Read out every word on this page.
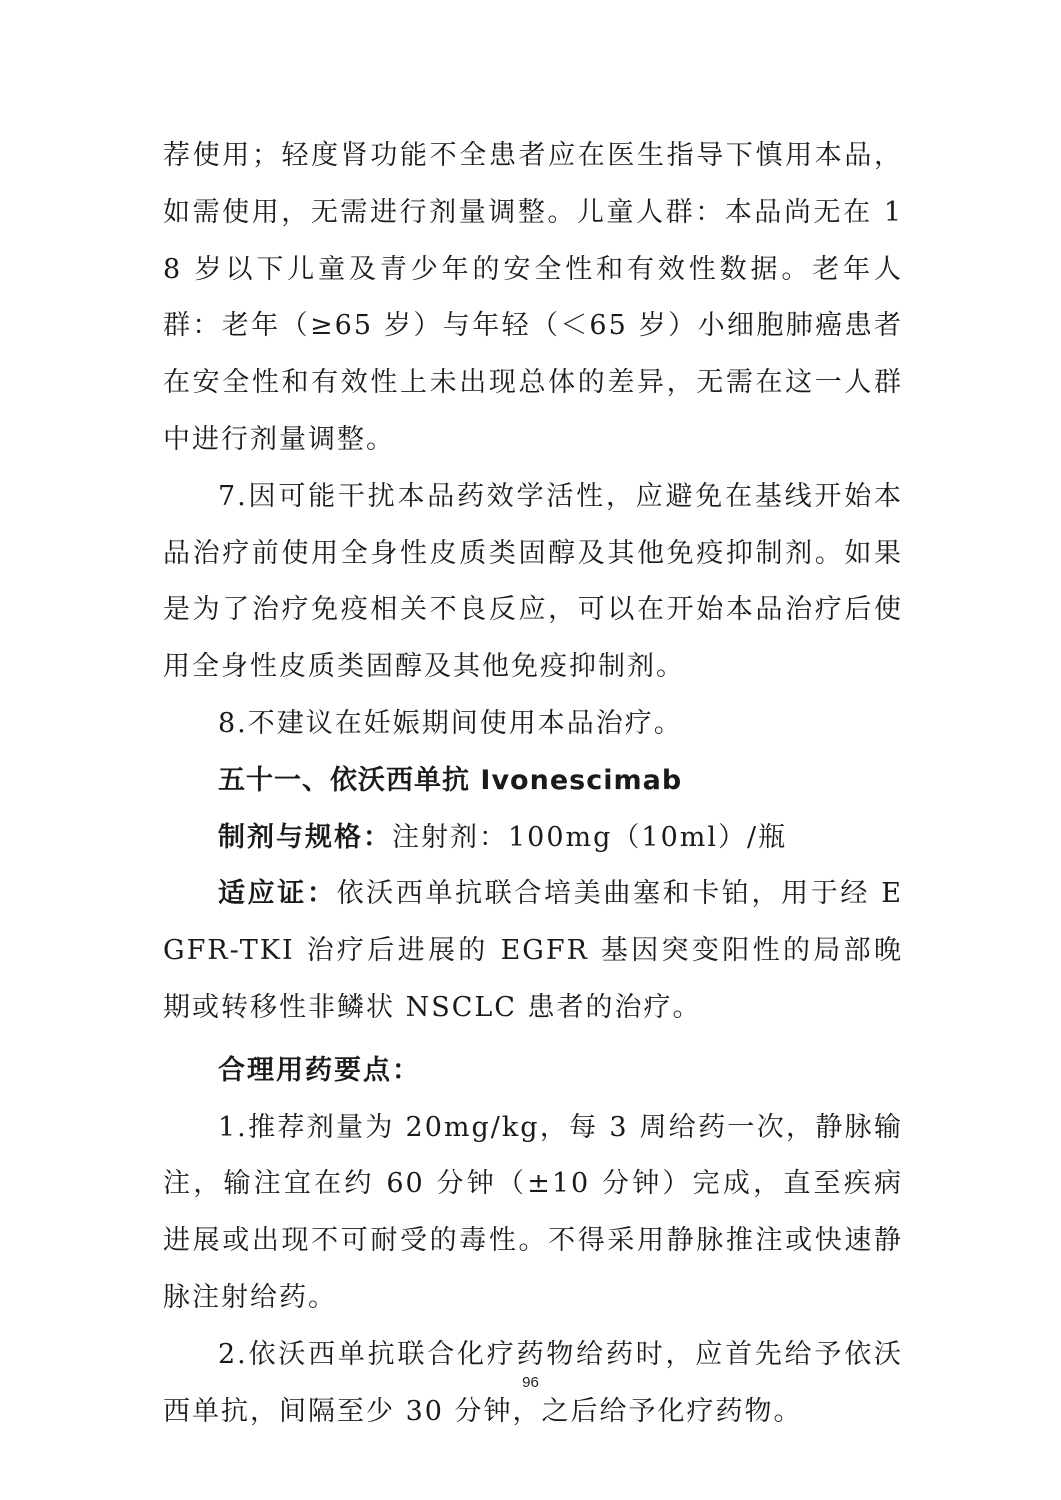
荐使用；轻度肾功能不全患者应在医生指导下慎用本品，如需使用，无需进行剂量调整。儿童人群：本品尚无在 18 岁以下儿童及青少年的安全性和有效性数据。老年人群：老年（≥65 岁）与年轻（＜65 岁）小细胞肺癌患者在安全性和有效性上未出现总体的差异，无需在这一人群中进行剂量调整。

7.因可能干扰本品药效学活性，应避免在基线开始本品治疗前使用全身性皮质类固醇及其他免疫抑制剂。如果是为了治疗免疫相关不良反应，可以在开始本品治疗后使用全身性皮质类固醇及其他免疫抑制剂。

8.不建议在妊娠期间使用本品治疗。

五十一、依沃西单抗 Ivonescimab

制剂与规格：注射剂：100mg（10ml）/瓶

适应证：依沃西单抗联合培美曲塞和卡铂，用于经 EGFR-TKI 治疗后进展的 EGFR 基因突变阳性的局部晚期或转移性非鳞状 NSCLC 患者的治疗。

合理用药要点：

1.推荐剂量为 20mg/kg，每 3 周给药一次，静脉输注，输注宜在约 60 分钟（±10 分钟）完成，直至疾病进展或出现不可耐受的毒性。不得采用静脉推注或快速静脉注射给药。

2.依沃西单抗联合化疗药物给药时，应首先给予依沃西单抗，间隔至少 30 分钟，之后给予化疗药物。

96
